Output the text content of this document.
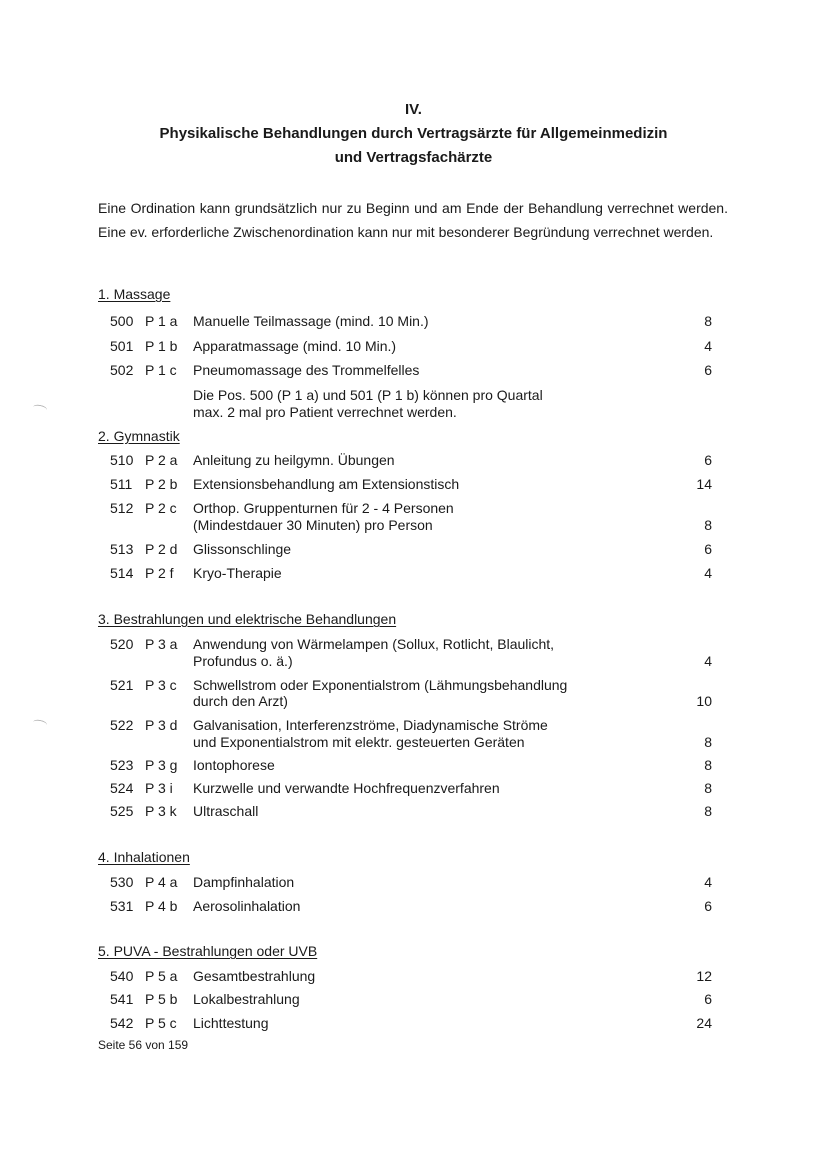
IV.
Physikalische Behandlungen durch Vertragsärzte für Allgemeinmedizin
und Vertragsfachärzte
Eine Ordination kann grundsätzlich nur zu Beginn und am Ende der Behandlung verrechnet werden. Eine ev. erforderliche Zwischenordination kann nur mit besonderer Begründung verrechnet werden.
1. Massage
500 P 1 a	Manuelle Teilmassage (mind. 10 Min.)	8
501 P 1 b	Apparatmassage (mind. 10 Min.)	4
502 P 1 c	Pneumomassage des Trommelfelles	6
Die Pos. 500 (P 1 a) und 501 (P 1 b) können pro Quartal
max. 2 mal pro Patient verrechnet werden.
2. Gymnastik
510 P 2 a	Anleitung zu heilgymn. Übungen	6
511 P 2 b	Extensionsbehandlung am Extensionstisch	14
512 P 2 c	Orthop. Gruppenturnen für 2 - 4 Personen
(Mindestdauer 30 Minuten) pro Person	8
513 P 2 d	Glissonschlinge	6
514 P 2 f	Kryo-Therapie	4
3. Bestrahlungen und elektrische Behandlungen
520 P 3 a	Anwendung von Wärmelampen (Sollux, Rotlicht, Blaulicht,
Profundus o. ä.)	4
521 P 3 c	Schwellstrom oder Exponentialstrom (Lähmungsbehandlung
durch den Arzt)	10
522 P 3 d	Galvanisation, Interferenzströme, Diadynamische Ströme
und Exponentialstrom mit elektr. gesteuerten Geräten	8
523 P 3 g	Iontophorese	8
524 P 3 i	Kurzwelle und verwandte Hochfrequenzverfahren	8
525 P 3 k	Ultraschall	8
4. Inhalationen
530 P 4 a	Dampfinhalation	4
531 P 4 b	Aerosolinhalation	6
5. PUVA - Bestrahlungen oder UVB
540 P 5 a	Gesamtbestrahlung	12
541 P 5 b	Lokalbestrahlung	6
542 P 5 c	Lichttestung	24
Seite 56 von 159
